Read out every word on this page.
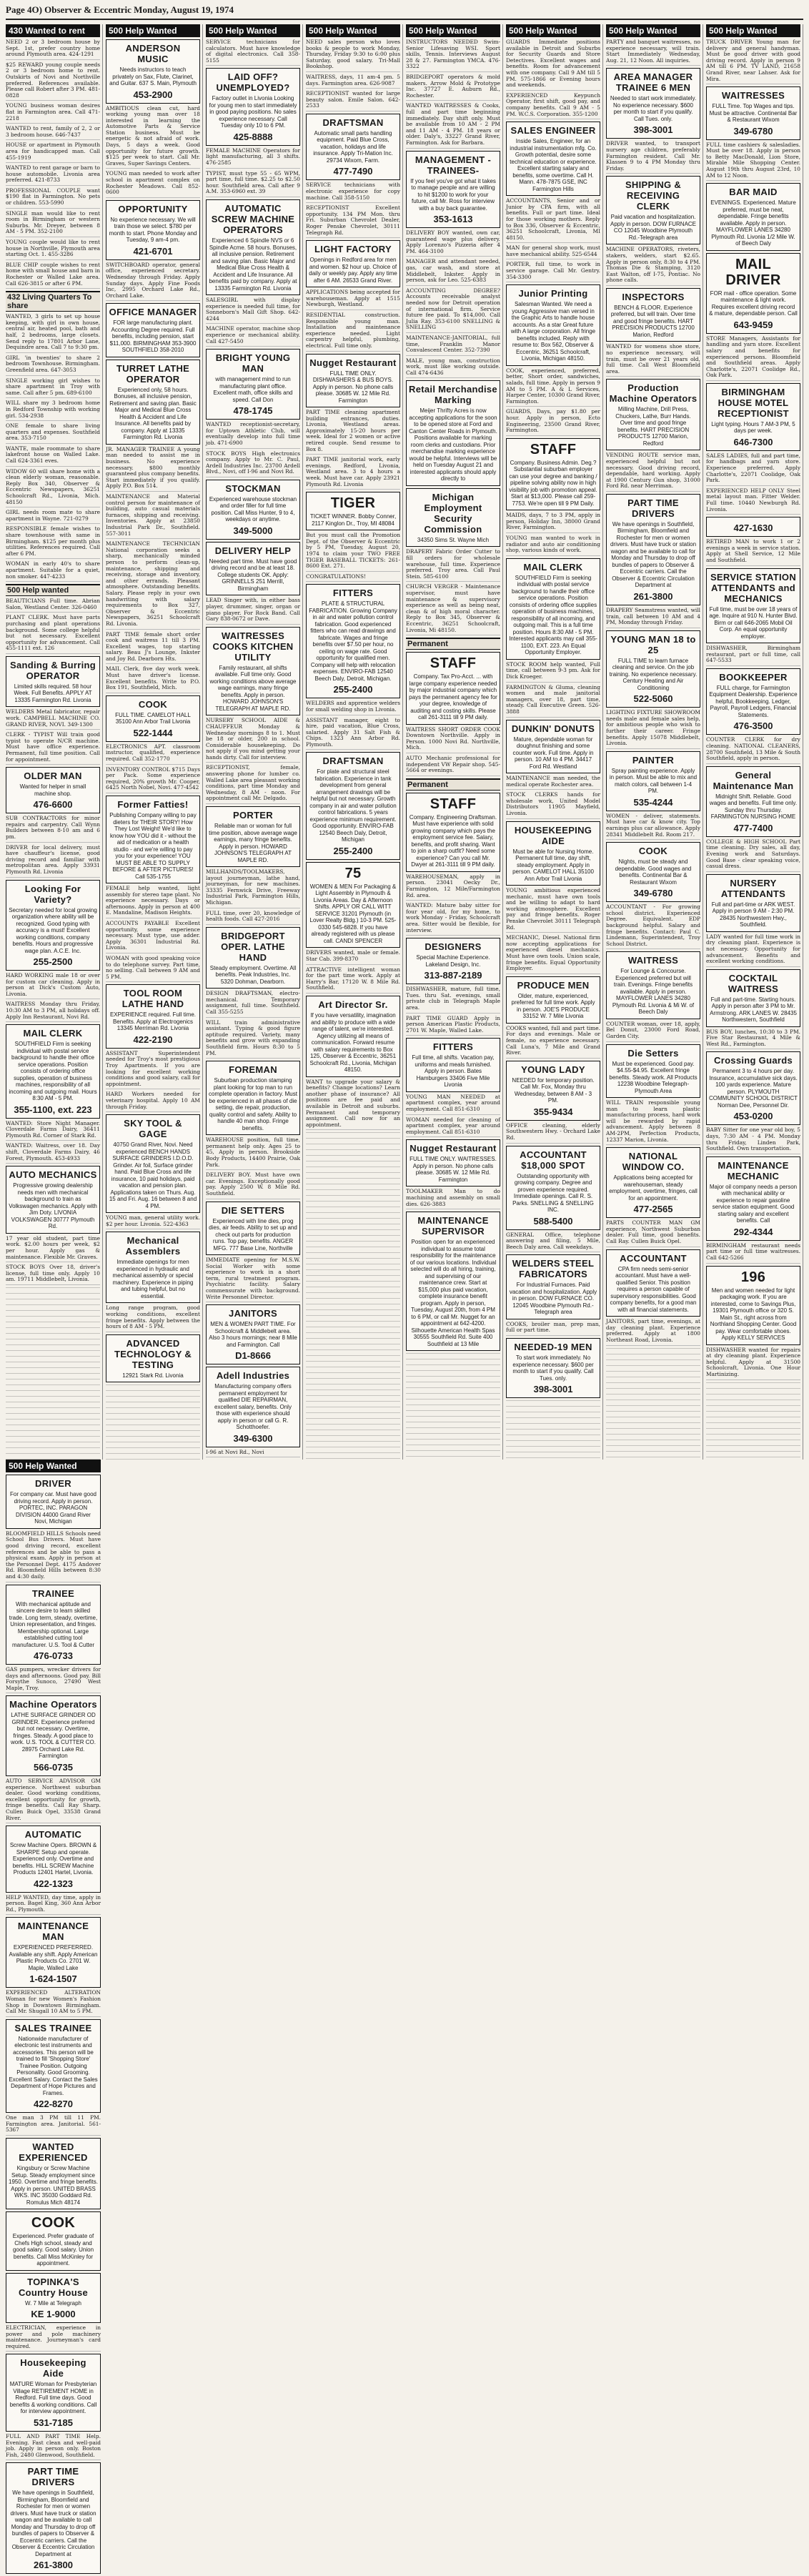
Page 4O) Observer & Eccentric Monday, August 19, 1974
430 Wanted to rent
NEED 2 or 3 bedroom house by Sept. 1st, prefer country home around Plymouth area. 424-1291
$25 REWARD young couple needs 2 or 3 bedroom home to rent. Outskirts of Novi and Northville preferred. References available. Please call Robert after 3 PM. 481-0828
YOUNG business woman desires flat in Farmington area. Call 471-2218
WANTED to rent, family of 2, 2 or 3 bedroom house. 646-7437
HOUSE or apartment in Plymouth area for handicapped man. Call 455-1919
WANTED to rent garage or barn to house automobile. Livonia area preferred. 421-8733
PROFESSIONAL COUPLE want $190 flat in Farmington. No pets or children. 553-5990
SINGLE man would like to rent room in Birmingham or western Suburbs. Mr. Dreyer, between 8 AM - 5 PM. 352-2100
YOUNG couple would like to rent house in Northville, Plymouth area starting Oct. 1. 455-3286
BLUE CHIP couple wishes to rent home with small house and barn in Rochester or Walled Lake area. Call 626-3815 or after 6 PM.
432 Living Quarters To share
WANTED, 3 girls to set up house keeping, with girl in own house, central air, heated pool, bath and half, 2 bedrooms, large closets. Send reply to 17801 Arbor Lane, Dequindre area. Call 7 to 9:30 pm.
GIRL 'in twenties' to share 2 bedroom Townhouse. Birmingham. Greenfield area. 647-3053
SINGLE working girl wishes to share apartment in Troy with same. Call after 5 pm. 689-6100
WILL share my 3 bedroom home in Redford Township with working girl. 534-2938
ONE female to share living quarters and expenses. Southfield area. 353-7150
WANTE, male roommate to share lakefront house on Walled Lake. Call 624-3361 eves.
WIDOW 60 will share home with a clean elderly woman, reasonable. Reply Box 340, Observer & Eccentric Newspapers, 36251 Schoolcraft Rd., Livonia, Mich. 48150
GIRL needs room mate to share apartment in Wayne. 721-0279
RESPONSIBLE female wishes to share townhouse with same in Birmingham. $125 per month plus utilities. References required. Call after 6 PM.
WOMAN in early 40's to share apartment. Suitable for a quiet, non smoker. 447-4233
500 Help wanted
BEAUTICIANS Full time. Abrian Salon, Westland Center. 326-0460
PLANT CLERK. Must have parts purchasing and plant operations background. Some college helpful but not necessary. Excellent opportunity for advancement. Call 455-1111 ext. 126
Sanding & Burring OPERATOR
Limited skills required. 58 hour Week. Full Benefits. APPLY AT 13335 Farmington Rd. Livonia
WELDERS Metal fabricator, repair work. CAMPBELL MACHINE CO. GRAND RIVER, NOVI. 349-1300
CLERK - TYPIST Will train good typist to operate N/CR machine. Must have office experience. Permanent, full time position. Call for appointment.
OLDER MAN
Wanted for helper in small machine shop.
476-6600
SUB CONTRACTORS for minor repairs and carpentry. Call Wynn Builders between 8-10 am and 6 pm.
DRIVER for local delivery, must have chauffeur's license, good driving record and familiar with metropolitan area. Apply 33931 Plymouth Rd. Livonia
Looking For Variety?
Secretary needed for local growing organization where ability will be recognized. Good typing with accuracy is a must! Excellent working conditions, company benefits. Hours and progressive wage plan. A.C.E. Inc.
255-2500
HARD WORKING male 18 or over for custom car cleaning. Apply in person at Dick's Custom Auto, Livonia.
WAITRESS Monday thru Friday, 10:30 AM to 3 PM, all holidays off. Apply Inn Restaurant, Novi Rd.
MAIL CLERK
SOUTHFIELD Firm is seeking individual with postal service background to handle their office service operations. Position consists of ordering office supplies, operation of business machines, responsibility of all incoming and outgoing mail. Hours 8:30 AM - 5 PM.
355-1100, ext. 223
WANTED: Store Night Manager. Cloverdale Farms Dairy, 36411 Plymouth Rd. Corner of Stark Rd.
WANTED: Waitress, over 18. Day shift, Cloverdale Farms Dairy, 46 Forest, Plymouth. 453-4933
AUTO MECHANICS
Progressive growing dealership needs men with mechanical background to train as Volkswagen mechanics. Apply with Jim Doty. LIVONIA VOLKSWAGEN 30777 Plymouth Rd.
17 year old student, part time work. $2.00 hours per week, $2 per hour. Apply gas & maintenance. Flexible Mr. Graves.
STOCK BOYS Over 18, driver's license, full time only. Apply 10 am. 19711 Middlebelt, Livonia.
500 Help Wanted
ANDERSON MUSIC
Needs instructors to teach privately on Sax, Flute, Clarinet, and Guitar. 637 S. Main, Plymouth
453-2900
AMBITIOUS clean cut, hard working young man over 18 interested in learning the Automotive Parts & Service Station business. Must be energetic & not afraid of work. Days, 5 days a week. Good opportunity for future growth. $125 per week to start. Call Mr. Graves, Super Savings Centers.
YOUNG man needed to work after school in apartment complex on Rochester Meadows. Call 852-0600
OPPORTUNITY
No experience necessary. We will train those we select. $780 per month to start. Phone Monday and Tuesday, 9 am-4 pm.
421-6701
SWITCHBOARD operator, general office, experienced secretary. Wednesday through Friday. Apply Sunday days. Apply Fine Foods Inc, 2995 Orchard Lake Rd., Orchard Lake.
OFFICE MANAGER
FOR large manufacturing plant. Accounting Degree required. Full benefits, including pension, start $11,000. BIRMINGHAM 353-3900 SOUTHFIELD 358-2010
TURRET LATHE OPERATOR
Experienced only, 58 hours. Bonuses, all inclusive pension, Retirement and saving plan. Basic Major and Medical Blue Cross Health & Accident and Life Insurance. All benefits paid by company. Apply at 13335 Farmington Rd. Livonia
JR. MANAGER TRAINEE A young man needed to assist me in business. No experience necessary. $800 monthly guaranteed plus company benefits. Start immediately if you qualify. Apply P.O. Box 514.
MAINTENANCE and Material control person for maintenance of building, auto casual materials furnaces, shipping and receiving. Inventories. Apply at 23850 Industrial Park Dr., Southfield. 557-3011
MAINTENANCE TECHNICIAN National corporation seeks a sharp, mechanically minded person to perform clean-up, maintenance, shipping and receiving, storage and inventory, and other errands. Pleasant atmosphere. Outstanding benefits. Salary. Please reply in your own handwriting with salary requirements to Box 327, Observer & Eccentric Newspapers, 36251 Schoolcraft Rd. Livonia.
PART TIME female short order cook and waitress 11 till 3 PM. Excellent wages, top starting salary. Beau J's Lounge, Inkster and Joy Rd. Dearborn Hts.
MAIL Clerk, five day work week. Must have driver's license. Excellent benefits. Write to P.O. Box 191, Southfield, Mich.
COOK
FULL TIME. CAMELOT HALL 35100 Ann Arbor Trail Livonia
522-1444
ELECTRONICS APT. classroom instructor, qualified, experience required. Call 352-1770
INVENTORY CONTROL $715 Days per Pack. Some experience required, 20% growth Mr. Cooper, 6425 North Nobel, Novi. 477-4542
Former Fatties!
Publishing Company willing to pay dieters for THEIR STORY! How They Lost Weight! We'd like to know how YOU did it - without the aid of medication or a health studio - and we're willing to pay you for your experience! YOU MUST BE ABLE TO SUPPLY BEFORE & AFTER PICTURES! Call 535-1755
FEMALE help wanted, light assembly for stereo tape plant. No experience necessary. Days or afternoons. Apply in person at 400 E. Mandaline, Madison Heights.
ACCOUNTS PAYABLE Excellent opportunity, some experience necessary. Must type, use adder. Apply 36301 Industrial Rd. Livonia.
WOMAN with good speaking voice to do telephone survey. Part time, no selling. Call between 9 AM and 5 PM.
TOOL ROOM LATHE HAND
EXPERIENCE required. Full time. Benefits. Apply at Electrogenics 13345 Merriman Rd. Livonia
422-2190
ASSISTANT Superintendent needed for Troy's most prestigious Troy Apartments. If you are looking for excellent working conditions and good salary, call for appointment.
HARD Workers needed for veterinary hospital. Apply 10 AM through Friday.
SKY TOOL & GAGE
40750 Grand River, Novi. Need experienced BENCH HANDS SURFACE GRINDERS I.D.O.D. Grinder. Air foil, Surface grinder hand. Paid Blue Cross and life insurance, 10 paid holidays, paid vacation and pension plan. Applications taken on Thurs. Aug. 15 and Fri. Aug. 16 between 8 and 4 PM.
YOUNG man, general utility work. $2 per hour. Livonia. 522-4363
Mechanical Assemblers
Immediate openings for men experienced in hydraulic and mechanical assembly or special machinery. Experience in piping and tubing helpful, but no essential.
Long range program, good working conditions, excellent fringe benefits. Apply between the hours of 8 AM - 5 PM.
ADVANCED TECHNOLOGY & TESTING
12921 Stark Rd. Livonia
500 Help Wanted
SERVICE technicians for calculators. Must have knowledge of digital electronics. Call 358-5155
LAID OFF? UNEMPLOYED?
Factory outlet in Livonia Looking for young men to start immediately in good paying positions. No sales experience necessary. Call Tuesday only 10 to 6 PM.
425-8888
FEMALE MACHINE Operators for light manufacturing, all 3 shifts. 476-2585
TYPIST, must type 55 - 65 WPM, part time, full time. $2.25 to $2.50 hour. Southfield area. Call after 9 A.M. 353-6960 ext. 39
AUTOMATIC SCREW MACHINE OPERATORS
Experienced 6 Spindle NVS or 6 Spindle Acme. 58 hours. Bonuses, all inclusive pension. Retirement and saving plan. Basic Major and Medical Blue Cross Health & Accident and Life Insurance. All benefits paid by company. Apply at 13335 Farmington Rd. Livonia
SALESGIRL with display experience is needed full time, for Sonneborn's Mall Gift Shop. 642-4244
MACHINE operator, machine shop experience or mechanical ability. Call 427-5450
BRIGHT YOUNG MAN
with management mind to run manufacturing plant office. Excellent math, office skills and speed. Call Don
478-1745
WANTED receptionist-secretary, for Uptown Athletic Club, will eventually develop into full time job. 471-6900
STOCK BOYS High electronics company. Apply to Mr. C. Paul, Ardell Industries Inc. 23700 Ardell Blvd., Novi, off I-96 and Novi Rd.
STOCKMAN
Experienced warehouse stockman and order filler for full time position. Call Miss Hunter, 9 to 4, weekdays or anytime.
349-5000
DELIVERY HELP
Needed part time. Must have good driving record and be at least 18. College students OK. Apply: GRINNELLS 251 Merrill, Birmingham
LEAD Singer with, in either bass player, drummer, singer, organ or piano player. For Rock Band. Call Gary 838-0672 or Dave.
WAITRESSES COOKS KITCHEN UTILITY
Family restaurant, all shifts available. Full time only. Good working conditions above average wage earnings, many fringe benefits. Apply in person. HOWARD JOHNSON'S TELEGRAPH AT MAPLE RD.
NURSERY SCHOOL AIDE & CHAUFFEUR Monday & Wednesday mornings 8 to 1. Must be 18 or older, 200 in school. Considerable housekeeping. Do not apply if you mind getting your hands dirty. Call for interview.
RECEPTIONIST, female, answering phone for lumber co. Walled Lake area pleasant working conditions, part time Monday and Wednesday, 8 AM - noon. For appointment call Mr. Delgado.
PORTER
Reliable man or woman for full time position, above average wage earnings, many fringe benefits. Apply in person. HOWARD JOHNSON'S TELEGRAPH AT MAPLE RD.
MILLHANDS/TOOLMAKERS, layout journeyman, lathe hand, journeyman, for new machines. 33335 Fernwick Drive, Freeway Industrial Park, Farmington Hills, Michigan.
FULL time, over 20, knowledge of health foods. Call 427-2016
BRIDGEPORT OPER. LATHE HAND
Steady employment. Overtime. All benefits. Peak Industries, Inc. 5320 Dohman, Dearborn.
DESIGN DRAFTSMAN, electro-mechanical. Temporary assignment, full time. Southfield. Call 355-5255
WILL train administrative assistant. Typing & good figure aptitude required. Variety, many benefits and grow with expanding Southfield firm. Hours 8:30 to 5 PM.
FOREMAN
Suburban production stamping plant looking for top man to run complete operation in factory. Must be experienced in all phases of die setting, die repair, production, quality control and safety. Ability to handle 40 man shop. Fringe benefits.
WAREHOUSE position, full time, permanent help only. Ages 25 to 45, Apply in person. Brookside Body Products, 14400 Prairie, Oak Park.
DELIVERY BOY. Must have own car. Evenings. Exceptionally good pay. Apply 2500 W. 8 Mile Rd. Southfield.
DIE SETTERS
Experienced with line dies, prog dies, air feeds. Ability to set up and check out parts for production runs. Top pay, benefits. ANGER MFG. 777 Base Line, Northville
IMMEDIATE opening for M.S.W. Social Worker with some experience to work in a short term, rural treatment program. Psychiatric facility. Salary commensurate with background. Write Personnel Director.
JANITORS
MEN & WOMEN PART TIME. For Schoolcraft & Middlebelt area. Also 3 hours mornings; near 8 Mile and Farmington. Call
D1-8666
Adell Industries
Manufacturing company offers permanent employment for qualified DIE REPAIRMAN, excellent salary, benefits. Only those with experience should apply in person or call G. R. Schotthoefer.
349-6300
I-96 at Novi Rd., Novi
500 Help Wanted
NEED sales person who loves books & people to work Monday, Thursday, Friday 9:30 to 6:00 plus Saturday, good salary. Tri-Mall Bookshop.
WAITRESS, days, 11 am-4 pm. 5 days. Farmington area. 626-9087
RECEPTIONIST wanted for large beauty salon. Emile Salon. 642-2533
DRAFTSMAN
Automatic small parts handling equipment. Paid Blue Cross, vacation, holidays and life insurance. Apply Tri-Mation Inc. 29734 Wixom, Farm.
477-7490
SERVICE technicians with electronic experience for copy machine. Call 358-5150
RECEPTIONIST Excellent opportunity. 134 PM Mon. thru Fri. Suburban Chevrolet Dealer, Roger Penske Chevrolet, 30111 Telegraph Rd.
LIGHT FACTORY
Openings in Redford area for men and women. $2 hour up. Choice of daily or weekly pay. Apply any time after 6 AM. 26533 Grand River.
APPLICATIONS being accepted for warehouseman. Apply at 1515 Newburgh, Westland.
RESIDENTIAL construction. Responsible young man. Installation and maintenance experience needed. Light carpentry helpful, plumbing, electrical. Full time only.
Nugget Restaurant
FULL TIME ONLY. DISHWASHERS & BUS BOYS. Apply in person. No phone calls please. 30685 W. 12 Mile Rd. Farmington
PART TIME cleaning apartment building entrances, duties. Livonia, Westland areas. Approximately 15-20 hours per week. Ideal for 2 women or active retired couple. Send resume to Box 8.
PART TIME janitorial work, early evenings. Redford, Livonia, Westland area. 3 to 4 hours a week. Must have car. Apply 23921 Plymouth Rd. Livonia
TIGER
TICKET WINNER. Bobby Conner, 2117 Kinglon Dr., Troy, MI 48084
But you must call the Promotion Dept. of the Observer & Eccentric by 5 PM, Tuesday, August 20, 1974 to claim your TWO FREE TIGER BASEBALL TICKETS: 261-8600 Ext. 271.
CONGRATULATIONS!
FITTERS
PLATE & STRUCTURAL FABRICATION. Growing Company in air and water pollution control fabrication. Good experienced fitters who can read drawings and fabricate. Wages and fringe benefits over $7.50 per hour, no ceiling on wage rate. Good opportunity for qualified men. Company will help with relocation expenses. ENVIRO-FAB 12540 Beech Daly, Detroit, Michigan.
255-2400
WELDERS and apprentice welders for small welding shop in Livonia.
ASSISTANT manager, eight to hire, paid vacation, Blue Cross, salaried. Apply 31 Salt Fish & Chips. 1323 Ann Arbor Rd. Plymouth.
DRAFTSMAN
For plate and structural steel fabrication. Experience in tank development from general arrangement drawings will be helpful but not necessary. Growth company in air and water pollution control fabrications. 5 years experience minimum requirement. Good opportunity. ENVIRO-FAB 12540 Beech Daly, Detroit, Michigan
255-2400
75
WOMEN & MEN For Packaging & Light Assembly in Plymouth & Livonia Areas. Day & Afternoon Shifts. APPLY OR CALL WITT SERVICE 31201 Plymouth (in Lover Realty Bldg.) 10-3 PM. 525-0330 545-6828. If you have already registered with us please call. CANDI SPENCER
DRIVERS wanted, male or female. Star Cab. 399-8370
ATTRACTIVE intelligent woman for the part time work. Apply at Harry's Bar, 17120 W. 8 Mile Rd. Southfield.
Art Director Sr.
If you have versatility, imagination and ability to produce with a wide range of talent, we're interested. Agency utilizing all means of communication. Forward resume with salary requirements to Box 125, Observer & Eccentric, 36251 Schoolcraft Rd., Livonia, Michigan 48150.
WANT to upgrade your salary & benefits? Change locations? Learn another phase of insurance? All positions are fee paid and available in Detroit and suburbs. Permanent and temporary assignment. Call now for an appointment.
500 Help Wanted
INSTRUCTORS NEEDED Swim-Senior Lifesaving WSI. Sport skills, Tennis. Interviews August 28 & 27. Farmington YMCA. 476-3322
BRIDGEPORT operators & mold makers. Arrow Mold & Prototype Inc. 37727 E. Auburn Rd., Rochester.
WANTED WAITRESSES & Cooks, full and part time beginning immediately. Day shift only. Must be available from 10 AM - 2 PM and 11 AM - 4 PM. 18 years or older. Daly's, 33227 Grand River, Farmington. Ask for Barbara.
MANAGEMENT -TRAINEES-
If you feel you've got what it takes to manage people and are willing to hit $1200 to work for your future, call Mr. Ross for interview with a buy back guarantee.
353-1613
DELIVERY BOY wanted, own car, guaranteed wage plus delivery. Apply Lorenzo's Pizzeria after 4 PM. 464-3100
MANAGER and attendant needed, gas, car wash, and store at Middlebelt, Inkster. Apply in person, ask for Leo. 525-6383
ACCOUNTING DEGREE? Accounts receivable analyst needed now for Detroit operation of international firm. Service future fee paid. To $14,000. Call Julia Ray. 353-6100 SNELLING & SNELLING
MAINTENANCE-JANITORIAL, full time, Franklin Manor Convalescent Center. 352-7390
MALE, young man, construction work, must like working outside. Call 474-6436
Retail Merchandise Marking
Meijer Thrifty Acres is now accepting applications for the soon to be opened store at Ford and Canton Center Roads in Plymouth. Positions available for marking room clerks and custodians. Prior merchandise marking experience would be helpful. Interviews will be held on Tuesday August 21 and interested applicants should apply directly to
Michigan Employment Security Commission
34350 Sims St. Wayne Mich
DRAPERY Fabric Order Cutter to fill orders for wholesale warehouse, full time. Experience preferred. Troy area. Call Paul Stein. 585-6100
CHURCH VERGER - Maintenance supervisor, must have maintenance & supervisory experience as well as being neat, clean & of high moral character. Reply to Box 345, Observer & Eccentric, 36251 Schoolcraft, Livonia, Mi 48150.
Permanent
STAFF
Company. Tax Pro-Acct. ... with large company experience needed by major industrial company which pays the permanent agency fee for your degree, knowledge of auditing and costing skills. Please call 261-3111 till 9 PM daily.
WAITRESS SHORT ORDER COOK Downtown Northville. Apply in Person. 1000 Novi Rd. Northville, Mich.
AUTO Mechanic professional for independent VW Repair shop. 545-5664 or evenings.
Permanent
STAFF
Company. Engineering Draftsman. Must have experience with solid growing company which pays the employment service fee. Salary, benefits, and profit sharing. Want to join a sharp outfit? Need some experience? Can you call Mr. Dwyer at 261-3111 till 9 PM daily.
WAREHOUSEMAN, apply in person. 23041 Oecky Dr., Farmington, 12 Mile/Farmington Rd. area.
WANTED: Mature baby sitter for four year old, for my home, to work Monday - Friday, Schoolcraft area. Sitter would be flexible, for interview.
DESIGNERS
Special Machine Experience. Lakeland Design, Inc.
313-887-2189
DISHWASHER, mature, full time, Tues. thru Sat. evenings, small private club in Telegraph Maple area.
PART TIME GUARD Apply in person American Plastic Products, 2701 W. Maple, Walled Lake.
FITTERS
Full time, all shifts. Vacation pay, uniforms and meals furnished. Apply in person. Bates Hamburgers 33406 Five Mile Livonia
YOUNG MAN NEEDED at apartment complex, year around employment. Call 851-6310
WOMAN needed for cleaning of apartment complex, year around employment. Call 851-6310
Nugget Restaurant
FULL TIME ONLY. WAITRESSES. Apply in person. No phone calls please. 30685 W. 12 Mile Rd. Farmington
TOOLMAKER Man to do machining and assembly on small dies. 626-3883
MAINTENANCE SUPERVISOR
Position open for an experienced individual to assume total responsibility for the maintenance of our various locations. Individual selected will do all hiring, training, and supervising of our maintenance crew. Start at $15,000 plus paid vacation, complete insurance benefit program. Apply in person, Tuesday, August 20th, from 4 PM to 6 PM, or call Mr. Nugget for an appointment at 642-4200. Silhouette American Health Spas 30555 Southfield Rd. Suite 400 Southfield at 13 Mile
500 Help Wanted
GUARDS Immediate positions available in Detroit and Suburbs for Security Guards and Store Detectives. Excellent wages and benefits. Room for advancement with one company. Call 9 AM till 5 PM. 575-1866 or Evening hours and weekends.
EXPERIENCED Keypunch Operator, first shift, good pay, and company benefits. Call 9 AM - 5 PM. W.C.S. Corporation. 355-1200
SALES ENGINEER
Inside Sales, Engineer, for an industrial instrumentation mfg. Co. Growth potential, desire some technical education or experience. Excellent starting salary and benefits, some overtime. Call H. Mann. 478-7875 GSE, INC Farmington Hills
ACCOUNTANTS, Senior and or Junior by CPA firm, with all benefits. Full or part time. Ideal for those working mothers. Reply to Box 336, Observer & Eccentric, 36251 Schoolcraft, Livonia, MI 48150.
MAN for general shop work, must have mechanical ability. 525-6544
PORTER, full time, to work in service garage. Call Mr. Gentry. 354-3300
Junior Printing
Salesman Wanted. We need a young Aggressive man versed in the Graphic Arts to handle house accounts. As a star Great future with A large corporation. All fringe benefits included. Reply with resume to: Box 562, Observer & Eccentric, 36251 Schoolcraft, Livonia, Michigan 48150.
COOK, experienced, preferred, better, Short order, sandwiches, salads, full time. Apply in person 9 AM to 5 PM. A & L Services, Harper Center, 10300 Grand River, Farmington.
GUARDS, Days, pay $1.80 per hour. Apply in person, Ecto Engineering, 23500 Grand River, Farmington.
STAFF
Company. Business Admin. Deg.? Substantial suburban employer can use your degree and banking / pipeline solving ability now in high visibility job with promotion appeal. Start at $13,000. Please call 259-7753. We're open till 9 PM Daily.
MAIDS, days, 7 to 3 PM, apply in person, Holiday Inn, 38000 Grand River, Farmington.
YOUNG man wanted to work in radiator and auto air conditioning shop, various kinds of work.
MAIL CLERK
SOUTHFIELD Firm is seeking individual with postal service background to handle their office service operations. Position consists of ordering office supplies operation of business machines, responsibility of all incoming, and outgoing mail. This is a full time position. Hours 8:30 AM - 5 PM. Interested applicants may call 355-1100, EXT. 223. An Equal Opportunity Employer.
STOCK ROOM help wanted, Full time, call between 9-3 pm. Ask for Dick Kroeger.
FARMINGTON & Gluma, cleaning women and male janitorial managers, over 18, part time, steady. Call Executive Green. 526-3888
DUNKIN' DONUTS
Mature, dependable woman for doughnut finishing and some counter work. Full time. Apply in person. 10 AM to 4 PM. 34417 Ford Rd. Westland
MAINTENANCE man needed, the medical operate Rochester area.
STOCK CLERKS hands for wholesale work, United Model Distributors 11905 Mayfield, Livonia.
HOUSEKEEPING AIDE
Must be able for Nursing Home. Permanent full time, day shift, steady employment. Apply in person. CAMELOT HALL 35100 Ann Arbor Trail Livonia
YOUNG ambitious experienced mechanic, must have own tools and be willing to adapt to hard working atmosphere. Excellent pay and fringe benefits. Roger Penske Chevrolet 30111 Telegraph Rd.
MECHANIC, Diesel. National firm now accepting applications for experienced diesel mechanics. Must have own tools. Union scale, fringe benefits. Equal Opportunity Employer.
PRODUCE MEN
Older, mature, experienced, preferred for full time work. Apply in person. JOE'S PRODUCE 33152 W. 7 Mile Livonia
COOKS wanted, full and part time. For days and evenings. Male or female, no experience necessary. Call Luna's, 7 Mile and Grand River.
YOUNG LADY
NEEDED for temporary position. Call Mr. Fox, Monday thru Wednesday, between 8 AM - 3 PM.
355-9434
OFFICE cleaning, elderly Southwestern Hwy. - Orchard Lake Rd.
ACCOUNTANT $18,000 SPOT
Outstanding opportunity with growing company. Degree and proven experience required. Immediate openings. Call R. S. Parks. SNELLING & SNELLING INC.
588-5400
GENERAL Office, telephone answering and filing, 5 Mile, Beech Daly area. Call weekdays.
WELDERS STEEL FABRICATORS
For Industrial Furnaces. Paid vacation and hospitalization. Apply in person. DOW FURNACE CO. 12045 Woodbine Plymouth Rd.-Telegraph area
COOKS, broiler man, prep man, full or part time.
NEEDED-19 MEN
To start work immediately. No experience necessary. $600 per month to start if you qualify. Call Tues. only.
398-3001
500 Help Wanted
PARTY and banquet waitresses, no experience necessary, will train. Start Immediately Wednesday, Aug. 21, 12 Noon. All inquiries.
AREA MANAGER TRAINEE 6 MEN
Needed to start work immediately. No experience necessary. $600 per month to start if you qualify. Call Tues. only.
398-3001
DRIVER wanted, to transport nursery age children, preferably Farmington resident. Call Mr. Klassen 9 to 4 PM Monday thru Friday.
SHIPPING & RECEIVING CLERK
Paid vacation and hospitalization. Apply in person. DOW FURNACE CO 12045 Woodbine Plymouth Rd.-Telegraph area
MACHINE OPERATORS, riveters, stakers, welders, start $2.65. Apply in person only, 8:30 to 4 PM. Thomas Die & Stamping, 3120 East Walton, off I-75, Pontiac. No phone calls.
INSPECTORS
BENCH & FLOOR. Experience preferred, but will train. Over time and good fringe benefits. HART PRECISION PRODUCTS 12700 Marion, Redford
WANTED for womens shoe store, no experience necessary, will train, must be over 21 years old, full time. Call West Bloomfield area.
Production Machine Operators
Milling Machine, Drill Press, Chuckers, Lathe, Burr Hands. Over time and good fringe benefits. HART PRECISION PRODUCTS 12700 Marion, Redford
VENDING ROUTE service man, experienced helpful but not necessary. Good driving record, dependable, hard working. Apply at 1900 Century Gun shop, 31000 Ford Rd. near Merriman.
PART TIME DRIVERS
We have openings in Southfield, Birmingham, Bloomfield and Rochester for men or women drivers. Must have truck or station wagon and be available to call for Monday and Thursday to drop off bundles of papers to Observer & Eccentric carriers. Call the Observer & Eccentric Circulation Department at
261-3800
DRAPERY Seamstress wanted, will train, call between 10 AM and 4 PM, Monday through Friday.
YOUNG MAN 18 to 25
FULL TIME to learn furnace cleaning and service. On the job training. No experience necessary. Century Heating and Air Conditioning
522-5060
LIGHTING FIXTURE SHOWROOM needs male and female sales help, for ambitious people who wish to further their career. Fringe benefits. Apply 15078 Middlebelt, Livonia.
PAINTER
Spray painting experience. Apply in person. Must be able to mix and match colors, call between 1-4 PM.
535-4244
WOMEN - deliver, statements. Must have car & know city. Top earnings plus car allowance. Apply 28341 Middlebelt Rd. Room 217.
COOK
Nights, must be steady and dependable. Good wages and benefits. Continental Bar & Restaurant Wixom
349-6780
ACCOUNTANT - For growing school district. Experienced Degree. Equivalent. EDP background helpful. Salary and fringe benefits. Contact: Paul C. Lindemann, Superintendent, Troy School District.
WAITRESS
For Lounge & Concourse. Experienced preferred but will train. Evenings. Fringe benefits available. Apply in person. MAYFLOWER LANES 34280 Plymouth Rd. Livonia & Mi W. of Beech Daly
COUNTER woman, over 18, apply, Bel Donut, 23000 Ford Road, Garden City.
Die Setters
Must be experienced. Good pay. $4.55-$4.95. Excellent fringe benefits. Steady work. All Products 12238 Woodbine Telegraph-Plymouth Area
WILL TRAIN responsible young man to learn plastic manufacturing process, hard work will be rewarded by rapid advancement. Apply between 8 AM-2PM, Perfection Products, 12337 Marion, Livonia.
NATIONAL WINDOW CO.
Applications being accepted for warehouseman, steady employment, overtime, fringes, call for an appointment.
477-2565
PARTS COUNTER MAN GM experience, Northwest Suburban dealer. Full time, good benefits. Call Ray. Cullen Buick Opel.
ACCOUNTANT
CPA firm needs semi-senior accountant. Must have a well-qualified Senior. This position requires a person capable of supervisory responsibilities. Good company benefits, for a good man with all financial statements.
JANITORS, part time, evenings, at day cleaning plant. Experience preferred. Apply at 1800 Northeast Road, Livonia.
500 Help Wanted
TRUCK DRIVER Young man for delivery and general handyman. Must be good driver with good driving record. Apply in person 9 AM till 6 PM. TV LAND, 21658 Grand River, near Lahser. Ask for Mira.
WAITRESSES
FULL Time. Top Wages and tips. Must be attractive. Continental Bar & Restaurant Wixom
349-6780
FULL time cashiers & salesladies. Must be over 18. Apply in person to Betty MacDonald, Lion Store, Mirable Mile Shopping Center. August 19th thru August 23rd, 10 AM to 12 Noon.
BAR MAID
EVENINGS. Experienced. Mature preferred, must be neat, dependable. Fringe benefits available. Apply in person. MAYFLOWER LANES 34280 Plymouth Rd. Livonia 1/2 Mile W. of Beech Daly
MAIL DRIVER
FOR mail - office operation. Some maintenance & light work. Requires excellent driving record & mature, dependable person. Call
643-9459
STORE Managers, Assistants for handling and yarn store. Excellent salary and benefits for experienced persons. Bloomfield and Southfield areas. Apply Charlotte's, 22071 Coolidge Rd., Oak Park.
BIRMINGHAM HOUSE MOTEL RECEPTIONIST
Light typing. Hours 7 AM-3 PM, 5 days per week.
646-7300
SALES LADIES, full and part time, for handbags and yarn store. Experience preferred. Apply Charlotte's, 22071 Coolidge, Oak Park.
EXPERIENCED HELP ONLY Steel metal layout man. Fitter Welder. Full time. 10440 Newburgh Rd. Livonia.
427-1630
RETIRED MAN to work 1 or 2 evenings a week in service station. Apply at Shell Service, 12 Mile and Southfield.
SERVICE STATION ATTENDANTS and MECHANICS
Full time, must be over 18 years of age. Inquire at 910 N. Hunter Blvd. Birm or call 646-2065 Mobil Oil Corp. An equal opportunity employer.
DISHWASHER, Birmingham restaurant, part or full time, call 647-5533
BOOKKEEPER
FULL charge, for Farmington Equipment Dealership. Experience helpful, Bookkeeping. Ledger, Payroll, Payroll Ledgers, Financial Statements.
476-3500
COUNTER CLERK for dry cleaning. NATIONAL CLEANERS, 28700 Southfield, 13 Mile & South Southfield, apply in person.
General Maintenance Man
Midnight Shift. Reliable. Good wages and benefits. Full time only. Sunday thru Thursday. FARMINGTON NURSING HOME
477-7400
COLLEGE & HIGH SCHOOL Part time cleaning. Dry sales, all day, Evening work and Saturdays. Good Base - clear speaking voice, casual dress.
NURSERY ATTENDANTS
Full and part-time or ARK WEST. Apply in person 9 AM - 2:30 PM. 28435 Northwestern Hwy., Southfield.
LADY wanted for full time work in dry cleaning plant. Experience is not necessary. Opportunity for advancement. Benefits and excellent working conditions.
COCKTAIL WAITRESS
Full and part-time. Starting hours. Apply in person after 3 PM to Mr. Armstrong. ARK LANES W. 28435 Northwestern, Southfield
BUS BOY, lunches, 10:30 to 3 PM. Five Star Restaurant, 4 Mile & West Rd., Farmington.
Crossing Guards
Permanent 3 to 4 hours per day. Insurance, accumulative sick days. 100 yards experience. Mature person. PLYMOUTH COMMUNITY SCHOOL DISTRICT Norman Dee, Personnel Dir.
453-0200
BABY Sitter for one year old boy, 5 days, 7:30 AM - 4 PM. Monday thru Friday, Linden Park, Southfield. Own transportation.
MAINTENANCE MECHANIC
Major oil company needs a person with mechanical ability or experience to repair gasoline service station equipment. Good starting salary and excellent benefits. Call
292-4344
BIRMINGHAM restaurant needs part time or full time waitresses. Call 642-5266
196
Men and women needed for light packaging work. If you are interested, come to Savings Plus, 19301 Plymouth office or 320 S. Main St., right across from Northland Shopping Center. Good pay. Wear comfortable shoes. Apply KELLY SERVICES
DISHWASHER wanted for repairs at dry cleaning plant. Experience helpful. Apply at 31500 Schoolcraft, Livonia. One Hour Martinizing.
500 Help Wanted
DRIVER
For company car. Must have good driving record. Apply in person. PORTEC, INC. PARAGON DIVISION 44000 Grand River Novi, Michigan
BLOOMFIELD HILLS Schools need School Bus Drivers. Must have good driving record, excellent references and be able to pass a physical exam. Apply in person at the Personnel Dept. 4175 Andover Rd. Bloomfield Hills between 8:30 and 4:30 daily.
TRAINEE
With mechanical aptitude and sincere desire to learn skilled trade. Long term, steady, overtime, Union representation, and fringes. Membership optional. Large established cutting tool manufacturer. U.S. Tool & Cutter
476-0733
GAS pumpers, wrecker drivers for days and afternoons. Good pay. Bill Forsythe Sunoco, 27490 West Maple, Troy.
Machine Operators
LATHE SURFACE GRINDER OD GRINDER. Experience preferred but not necessary. Overtime, fringes. Steady. A good place to work. U.S. TOOL & CUTTER CO. 28975 Orchard Lake Rd. Farmington
566-0735
AUTO SERVICE ADVISOR GM experience. Northwest suburban dealer. Good working conditions, excellent opportunity for growth, fringe benefits. Call Ray Sharp. Cullen Buick Opel, 33538 Grand River.
AUTOMATIC
Screw Machine Opers. BROWN & SHARPE Setup and operate. Experienced only. Overtime and benefits. HILL SCREW Machine Products 12401 Hartel, Livonia.
422-1323
HELP WANTED, day time, apply in person. Bagel King, 360 Ann Arbor Rd., Plymouth.
MAINTENANCE MAN
EXPERIENCED PREFERRED. Available any shift. Apply American Plastic Products Co. 2701 W. Maple, Walled Lake
1-624-1507
EXPERIENCED ALTERATION Woman for new Women's Fashion Shop in Downtown Birmingham. Call Mr. Shugall 10 AM to 5 PM.
SALES TRAINEE
Nationwide manufacturer of electronic test instruments and accessories. This person will be trained to fill 'Shopping Store' Trainee Position. Outgoing Personality. Good Grooming. Excellent Salary. Contact the Sales Department of Hope Pictures and Frames.
422-8270
One man 3 PM till 11 PM. Farmington area. Janitorial. 561-5367
WANTED EXPERIENCED
Kingsbury or Screw Machine Setup. Steady employment since 1950. Overtime and fringe benefits. Apply in person. UNITED BRASS WKS. INC 35030 Goddard Rd. Romulus Mich 48174
COOK
Experienced. Prefer graduate of Chefs High school, steady and good salary. Good salary. Union benefits. Call Miss McKinley for appointment.
TOPINKA'S Country House
W. 7 Mile at Telegraph
KE 1-9000
ELECTRICIAN, experience in power and pole machinery maintenance. Journeyman's card required.
Housekeeping Aide
MATURE Woman for Presbyterian Village RETIREMENT HOME in Redford. Full time days. Good benefits & working conditions. Call for interview appointment.
531-7185
FULL AND PART TIME Help. Evening. Fast clean and well-paid job. Apply in person only. Boston Fish, 2480 Glenwood, Southfield.
PART TIME DRIVERS
We have openings in Southfield, Birmingham, Bloomfield and Rochester for men or women drivers. Must have truck or station wagon and be available to call Monday and Thursday to drop off bundles of papers to Observer & Eccentric carriers. Call the Observer & Eccentric Circulation Department at
261-3800
